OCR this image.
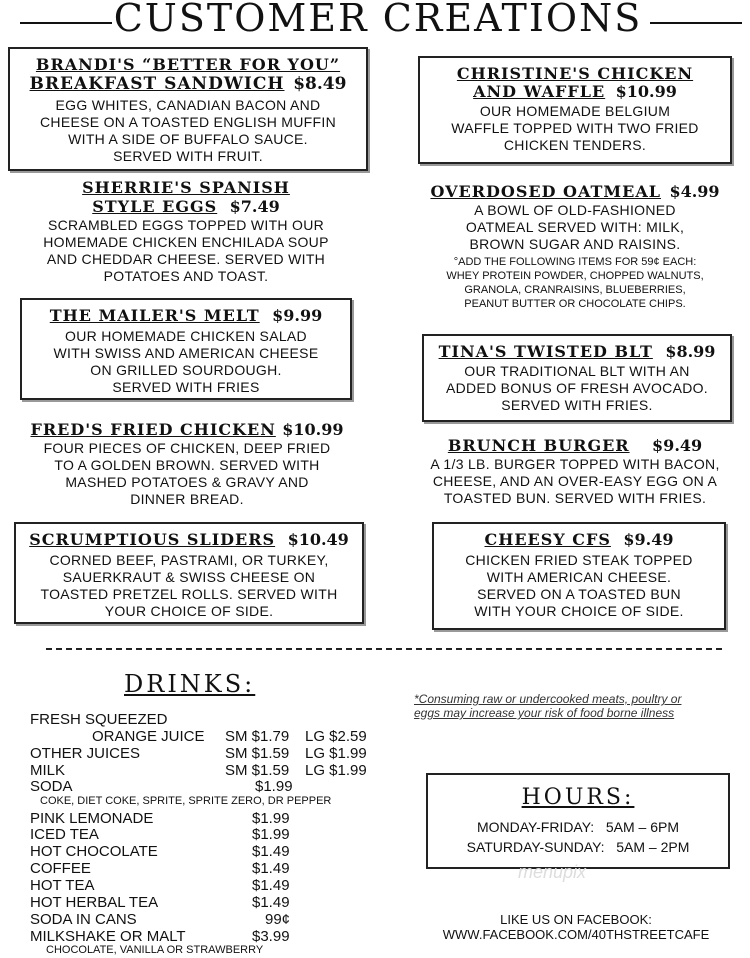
CUSTOMER CREATIONS
BRANDI'S “BETTER FOR YOU”
BREAKFAST SANDWICH $8.49
EGG WHITES, CANADIAN BACON AND
CHEESE ON A TOASTED ENGLISH MUFFIN
WITH A SIDE OF BUFFALO SAUCE.
SERVED WITH FRUIT.
CHRISTINE'S CHICKEN
AND WAFFLE $10.99
OUR HOMEMADE BELGIUM
WAFFLE TOPPED WITH TWO FRIED
CHICKEN TENDERS.
SHERRIE'S SPANISH
STYLE EGGS $7.49
SCRAMBLED EGGS TOPPED WITH OUR
HOMEMADE CHICKEN ENCHILADA SOUP
AND CHEDDAR CHEESE. SERVED WITH
POTATOES AND TOAST.
OVERDOSED OATMEAL $4.99
A BOWL OF OLD-FASHIONED
OATMEAL SERVED WITH: MILK,
BROWN SUGAR AND RAISINS.
°ADD THE FOLLOWING ITEMS FOR 59¢ EACH:
WHEY PROTEIN POWDER, CHOPPED WALNUTS,
GRANOLA, CRANRAISINS, BLUEBERRIES,
PEANUT BUTTER OR CHOCOLATE CHIPS.
THE MAILER'S MELT $9.99
OUR HOMEMADE CHICKEN SALAD
WITH SWISS AND AMERICAN CHEESE
ON GRILLED SOURDOUGH.
SERVED WITH FRIES
TINA'S TWISTED BLT $8.99
OUR TRADITIONAL BLT WITH AN
ADDED BONUS OF FRESH AVOCADO.
SERVED WITH FRIES.
FRED'S FRIED CHICKEN $10.99
FOUR PIECES OF CHICKEN, DEEP FRIED
TO A GOLDEN BROWN. SERVED WITH
MASHED POTATOES & GRAVY AND
DINNER BREAD.
BRUNCH BURGER $9.49
A 1/3 LB. BURGER TOPPED WITH BACON,
CHEESE, AND AN OVER-EASY EGG ON A
TOASTED BUN. SERVED WITH FRIES.
SCRUMPTIOUS SLIDERS $10.49
CORNED BEEF, PASTRAMI, OR TURKEY,
SAUERKRAUT & SWISS CHEESE ON
TOASTED PRETZEL ROLLS. SERVED WITH
YOUR CHOICE OF SIDE.
CHEESY CFS $9.49
CHICKEN FRIED STEAK TOPPED
WITH AMERICAN CHEESE.
SERVED ON A TOASTED BUN
WITH YOUR CHOICE OF SIDE.
DRINKS:
FRESH SQUEEZED
ORANGE JUICE SM $1.79 LG $2.59
OTHER JUICES	SM $1.59 LG $1.99
MILK	SM $1.59 LG $1.99
SODA	$1.99
COKE, DIET COKE, SPRITE, SPRITE ZERO, DR PEPPER
PINK LEMONADE	$1.99
ICED TEA	$1.99
HOT CHOCOLATE	$1.49
COFFEE	$1.49
HOT TEA	$1.49
HOT HERBAL TEA	$1.49
SODA IN CANS	99¢
MILKSHAKE OR MALT	$3.99
CHOCOLATE, VANILLA OR STRAWBERRY
*Consuming raw or undercooked meats, poultry or
eggs may increase your risk of food borne illness
HOURS:
MONDAY-FRIDAY:   5AM – 6PM
SATURDAY-SUNDAY:   5AM – 2PM
menupix
LIKE US ON FACEBOOK:
WWW.FACEBOOK.COM/40THSTREETCAFE
